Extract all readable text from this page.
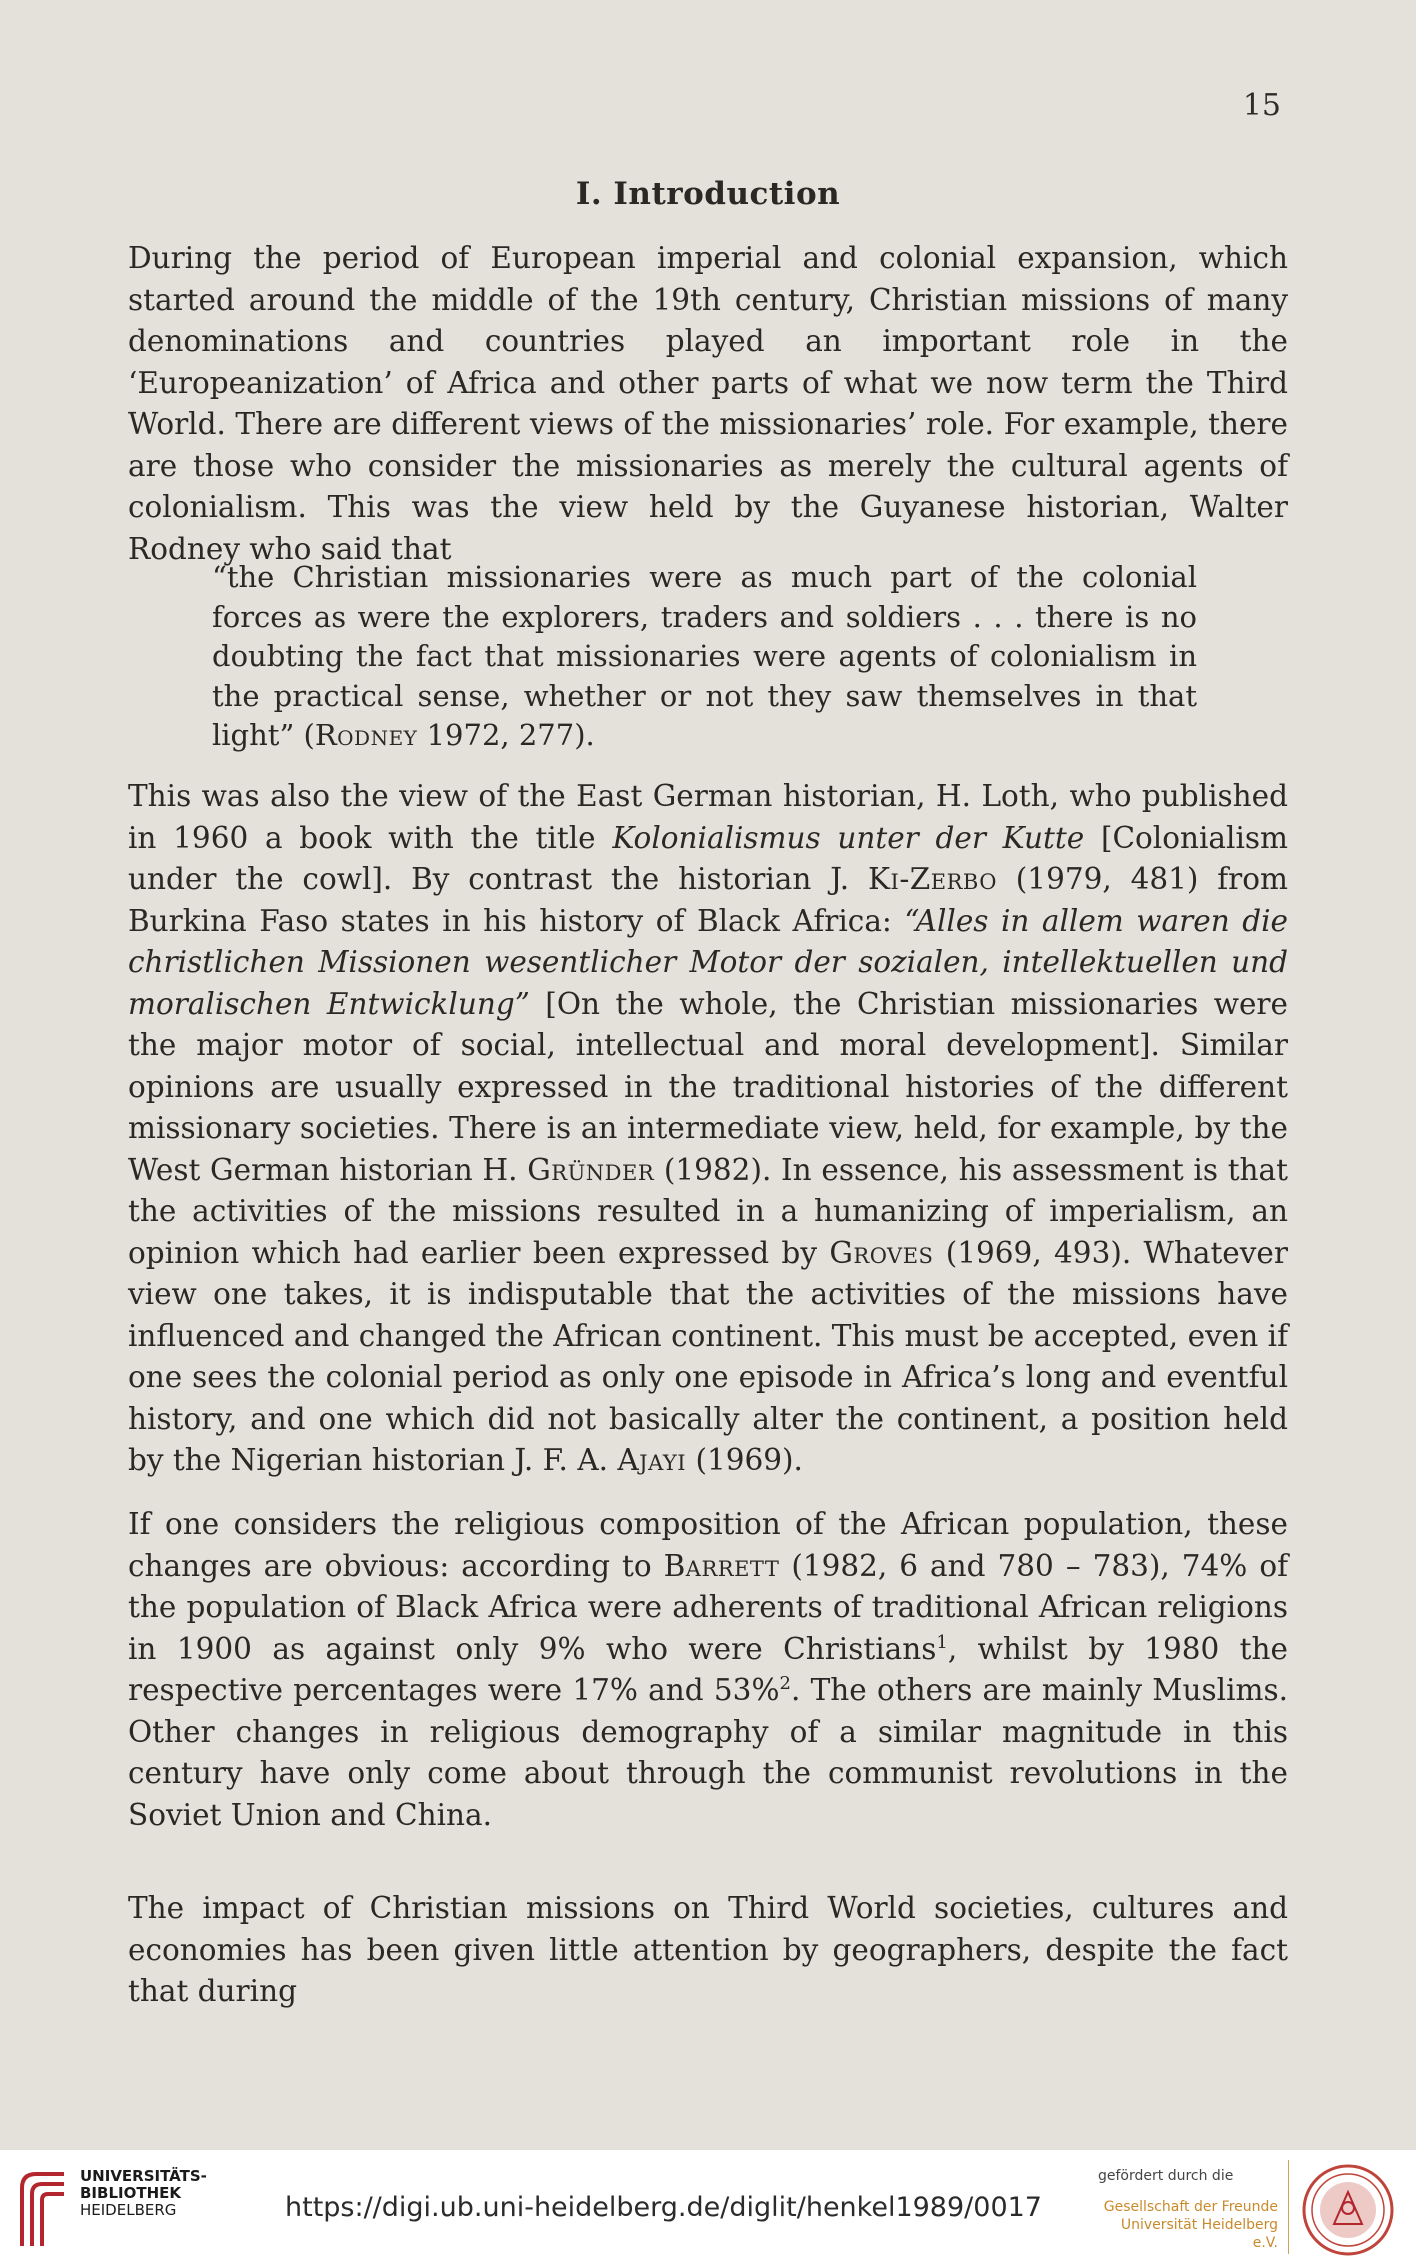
15
I. Introduction

During the period of European imperial and colonial expansion, which started around the middle of the 19th century, Christian missions of many denominations and countries played an important role in the ‘Europeanization’ of Africa and other parts of what we now term the Third World. There are different views of the missionaries’ role. For example, there are those who consider the missionaries as merely the cultural agents of colonialism. This was the view held by the Guyanese historian, Walter Rodney who said that

“the Christian missionaries were as much part of the colonial forces as were the explorers, traders and soldiers . . . there is no doubting the fact that missionaries were agents of colonialism in the practical sense, whether or not they saw themselves in that light” (Rodney 1972, 277).

This was also the view of the East German historian, H. Loth, who published in 1960 a book with the title Kolonialismus unter der Kutte [Colonialism under the cowl]. By contrast the historian J. Ki-Zerbo (1979, 481) from Burkina Faso states in his history of Black Africa: “Alles in allem waren die christlichen Missionen wesentlicher Motor der sozialen, intellektuellen und moralischen Entwicklung” [On the whole, the Christian missionaries were the major motor of social, intellectual and moral development]. Similar opinions are usually expressed in the traditional histories of the different missionary societies. There is an intermediate view, held, for example, by the West German historian H. Gründer (1982). In essence, his assessment is that the activities of the missions resulted in a humanizing of imperialism, an opinion which had earlier been expressed by Groves (1969, 493). Whatever view one takes, it is indisputable that the activities of the missions have influenced and changed the African continent. This must be accepted, even if one sees the colonial period as only one episode in Africa’s long and eventful history, and one which did not basically alter the continent, a position held by the Nigerian historian J. F. A. Ajayi (1969).

If one considers the religious composition of the African population, these changes are obvious: according to Barrett (1982, 6 and 780 – 783), 74% of the population of Black Africa were adherents of traditional African religions in 1900 as against only 9% who were Christians$^1$, whilst by 1980 the respective percentages were 17% and 53%$^2$. The others are mainly Muslims. Other changes in religious demography of a similar magnitude in this century have only come about through the communist revolutions in the Soviet Union and China.

The impact of Christian missions on Third World societies, cultures and economies has been given little attention by geographers, despite the fact that during

UNIVERSITÄTS-
BIBLIOTHEK
HEIDELBERG	https://digi.ub.uni-heidelberg.de/diglit/henkel1989/0017
gefördert durch die
Gesellschaft der Freunde
Universität Heidelberg e.V.
